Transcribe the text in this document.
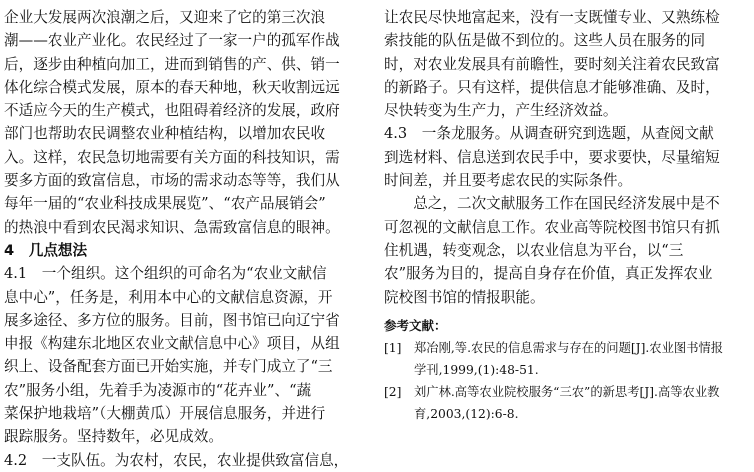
企业大发展两次浪潮之后，又迎来了它的第三次浪
潮——农业产业化。农民经过了一家一户的孤军作战
后，逐步由种植向加工，进而到销售的产、供、销一
体化综合模式发展，原本的春天种地，秋天收割远远
不适应今天的生产模式，也阻碍着经济的发展，政府
部门也帮助农民调整农业种植结构，以增加农民收
入。这样，农民急切地需要有关方面的科技知识，需
要多方面的致富信息，市场的需求动态等等，我们从
每年一届的“农业科技成果展览”、“农产品展销会”
的热浪中看到农民渴求知识、急需致富信息的眼神。
4　几点想法
4.1　一个组织。这个组织的可命名为“农业文献信
息中心”，任务是，利用本中心的文献信息资源，开
展多途径、多方位的服务。目前，图书馆已向辽宁省
申报《构建东北地区农业文献信息中心》项目，从组
织上、设备配套方面已开始实施，并专门成立了“三
农”服务小组，先着手为凌源市的“花卉业”、“蔬
菜保护地栽培”（大棚黄瓜）开展信息服务，并进行
跟踪服务。坚持数年，必见成效。
4.2　一支队伍。为农村，农民，农业提供致富信息，
让农民尽快地富起来，没有一支既懂专业、又熟练检
索技能的队伍是做不到位的。这些人员在服务的同
时，对农业发展具有前瞻性，要时刻关注着农民致富
的新路子。只有这样，提供信息才能够准确、及时，
尽快转变为生产力，产生经济效益。
4.3　一条龙服务。从调查研究到选题，从查阅文献
到选材料、信息送到农民手中，要求要快，尽量缩短
时间差，并且要考虑农民的实际条件。
　　总之，二次文献服务工作在国民经济发展中是不
可忽视的文献信息工作。农业高等院校图书馆只有抓
住机遇，转变观念，以农业信息为平台，以“三
农”服务为目的，提高自身存在价值，真正发挥农业
院校图书馆的情报职能。
参考文献：
[1]	郑冶刚,等.农民的信息需求与存在的问题[J].农业图书情报
学刊,1999,(1):48-51.
[2]	刘广林.高等农业院校服务“三农”的新思考[J].高等农业教
育,2003,(12):6-8.
